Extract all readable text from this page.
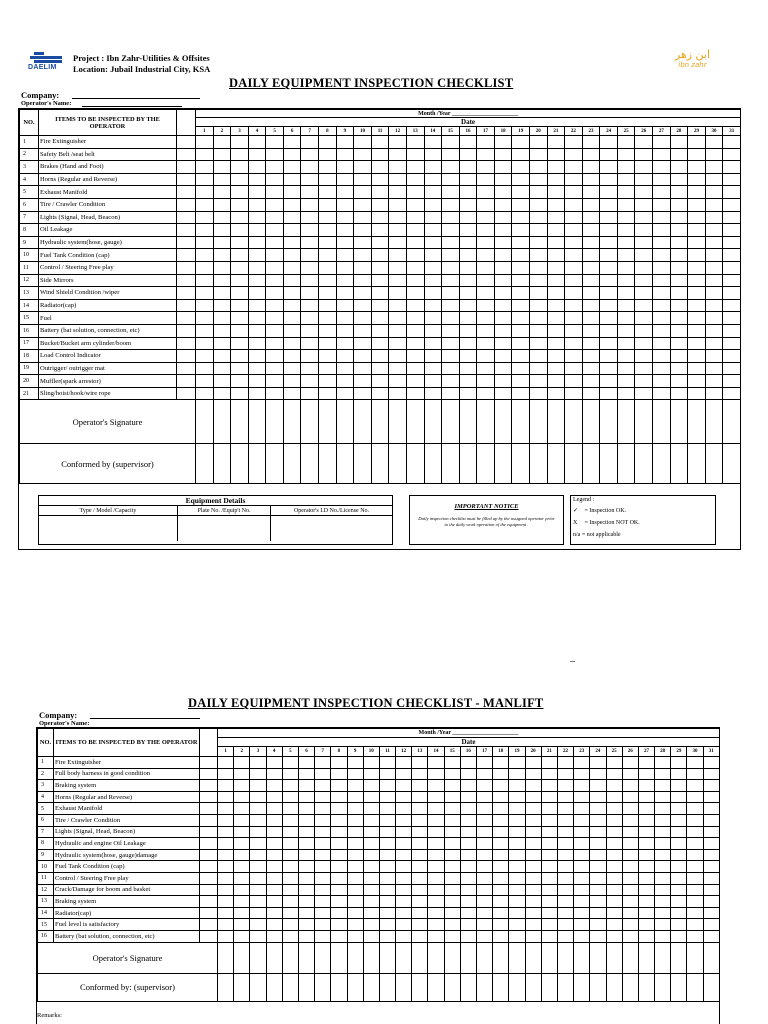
DAELIM
Project : Ibn Zahr-Utilities & Offsites
Location: Jubail Industrial City, KSA
ابن زهر
ibn zahr
DAILY EQUIPMENT INSPECTION CHECKLIST
Company:
Operator's Name:
NO.	ITEMS TO BE INSPECTED BY THE OPERATOR		Month /Year ______________________																														
			Date																														
			1	2	3	4	5	6	7	8	9	10	11	12	13	14	15	16	17	18	19	20	21	22	23	24	25	26	27	28	29	30	31
1	Fire Extinguisher																																
2	Safety Belt /seat belt																																
3	Brakes (Hand and Foot)																																
4	Horns (Regular and Reverse)																																
5	Exhaust Manifold																																
6	Tire / Crawler Condition																																
7	Lights (Signal, Head, Beacon)																																
8	Oil Leakage																																
9	Hydraulic system(hose, gauge)																																
10	Fuel Tank Condition (cap)																																
11	Control / Steering Free play																																
12	Side Mirrors																																
13	Wind Shield Condition /wiper																																
14	Radiator(cap)																																
15	Fuel																																
16	Battery (bat solution, connection, etc)																																
17	Bucket/Bucket arm cylinder/boom																																
18	Load Control Indicator																																
19	Outrigger/ outrigger mat																																
20	Muffler(spark arrestor)																																
21	Sling/hoist/hook/wire rope																																
Operator's Signature																																	
Conformed by (supervisor)																																	
Equipment Details
Type / Model /Capacity	Plate No. /Equip't No.	Operator's I.D No./License No.
IMPORTANT NOTICE
Daily inspection checklist must be filled up by the assigned operator prior to the daily work operation of the equipment .
Legend :
✓ = Inspection OK.
X = Inspection NOT OK.
n/a = not applicable
–
DAILY EQUIPMENT INSPECTION CHECKLIST - MANLIFT
Company:
Operator's Name:
NO.	ITEMS TO BE INSPECTED BY THE OPERATOR		Month /Year ______________________																														
			Date																														
			1	2	3	4	5	6	7	8	9	10	11	12	13	14	15	16	17	18	19	20	21	22	23	24	25	26	27	28	29	30	31
1	Fire Extinguisher																																
2	Full body harness in good condition																																
3	Braking system																																
4	Horns (Regular and Reverse)																																
5	Exhaust Manifold																																
6	Tire / Crawler Condition																																
7	Lights (Signal, Head, Beacon)																																
8	Hydraulic and engine Oil Leakage																																
9	Hydraulic system(hose, gauge)damage																																
10	Fuel Tank Condition (cap)																																
11	Control / Steering Free play																																
12	Crack/Damage for boom and basket																																
13	Braking system																																
14	Radiator(cap)																																
15	Fuel level is satisfactory																																
16	Battery (bat solution, connection, etc)																																
Operator's Signature																																	
Conformed by: (supervisor)																																	
Remarks:
